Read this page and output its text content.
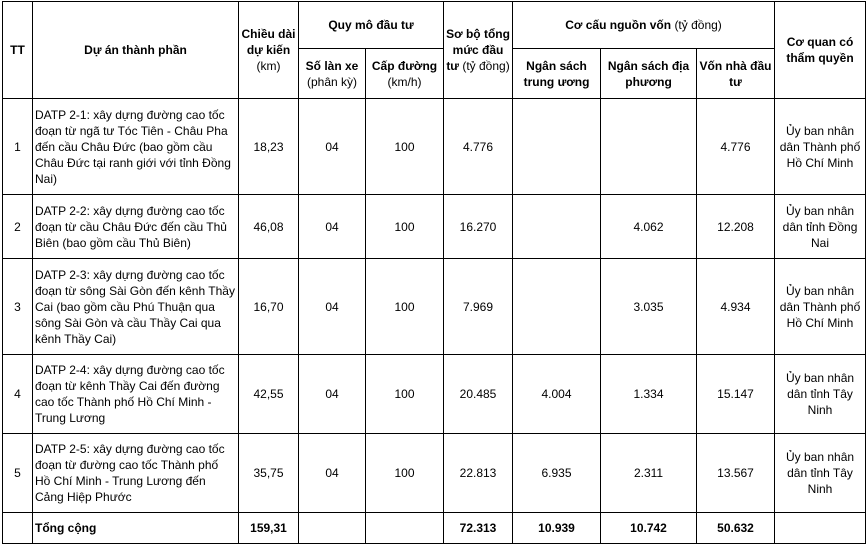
TT	Dự án thành phần	Chiều dài dự kiến (km)	Quy mô đầu tư		Sơ bộ tổng mức đầu tư (tỷ đồng)	Cơ cấu nguồn vốn (tỷ đồng)			Cơ quan có thẩm quyền
			Số làn xe (phân kỳ)	Cấp đường (km/h)		Ngân sách trung ương	Ngân sách địa phương	Vốn nhà đầu tư	
1	DATP 2-1: xây dựng đường cao tốc đoạn từ ngã tư Tóc Tiên - Châu Pha đến cầu Châu Đức (bao gồm cầu Châu Đức tại ranh giới với tỉnh Đồng Nai)	18,23	04	100	4.776			4.776	Ủy ban nhân dân Thành phố Hồ Chí Minh
2	DATP 2-2: xây dựng đường cao tốc đoạn từ cầu Châu Đức đến cầu Thủ Biên (bao gồm cầu Thủ Biên)	46,08	04	100	16.270		4.062	12.208	Ủy ban nhân dân tỉnh Đồng Nai
3	DATP 2-3: xây dựng đường cao tốc đoạn từ sông Sài Gòn đến kênh Thầy Cai (bao gồm cầu Phú Thuận qua sông Sài Gòn và cầu Thầy Cai qua kênh Thầy Cai)	16,70	04	100	7.969		3.035	4.934	Ủy ban nhân dân Thành phố Hồ Chí Minh
4	DATP 2-4: xây dựng đường cao tốc đoạn từ kênh Thầy Cai đến đường cao tốc Thành phố Hồ Chí Minh - Trung Lương	42,55	04	100	20.485	4.004	1.334	15.147	Ủy ban nhân dân tỉnh Tây Ninh
5	DATP 2-5: xây dựng đường cao tốc đoạn từ đường cao tốc Thành phố Hồ Chí Minh - Trung Lương đến Cảng Hiệp Phước	35,75	04	100	22.813	6.935	2.311	13.567	Ủy ban nhân dân tỉnh Tây Ninh
	Tổng cộng	159,31			72.313	10.939	10.742	50.632	
